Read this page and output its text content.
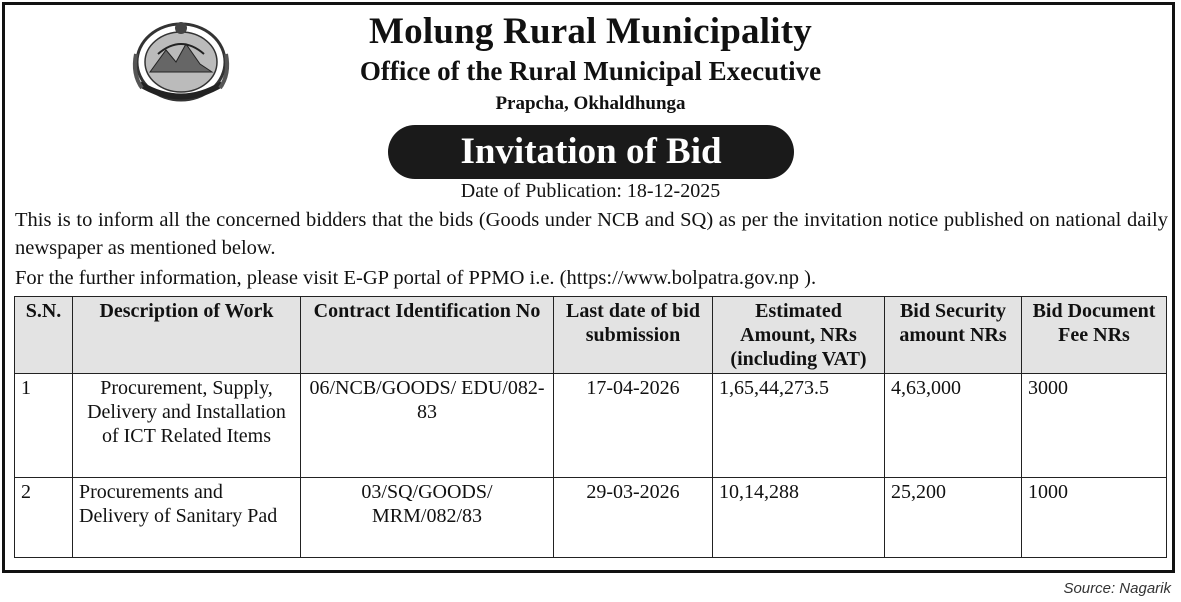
Molung Rural Municipality
Office of the Rural Municipal Executive
Prapcha, Okhaldhunga
Invitation of Bid
Date of Publication: 18-12-2025
This is to inform all the concerned bidders that the bids (Goods under NCB and SQ) as per the invitation notice published on national daily newspaper as mentioned below.
For the further information, please visit E-GP portal of PPMO i.e. (https://www.bolpatra.gov.np ).
S.N.	Description of Work	Contract Identification No	Last date of bid submission	Estimated Amount, NRs (including VAT)	Bid Security amount NRs	Bid Document Fee NRs
1	Procurement, Supply, Delivery and Installation of ICT Related Items	06/NCB/GOODS/ EDU/082-83	17-04-2026	1,65,44,273.5	4,63,000	3000
2	Procurements and Delivery of Sanitary Pad	03/SQ/GOODS/ MRM/082/83	29-03-2026	10,14,288	25,200	1000
Source: Nagarik
